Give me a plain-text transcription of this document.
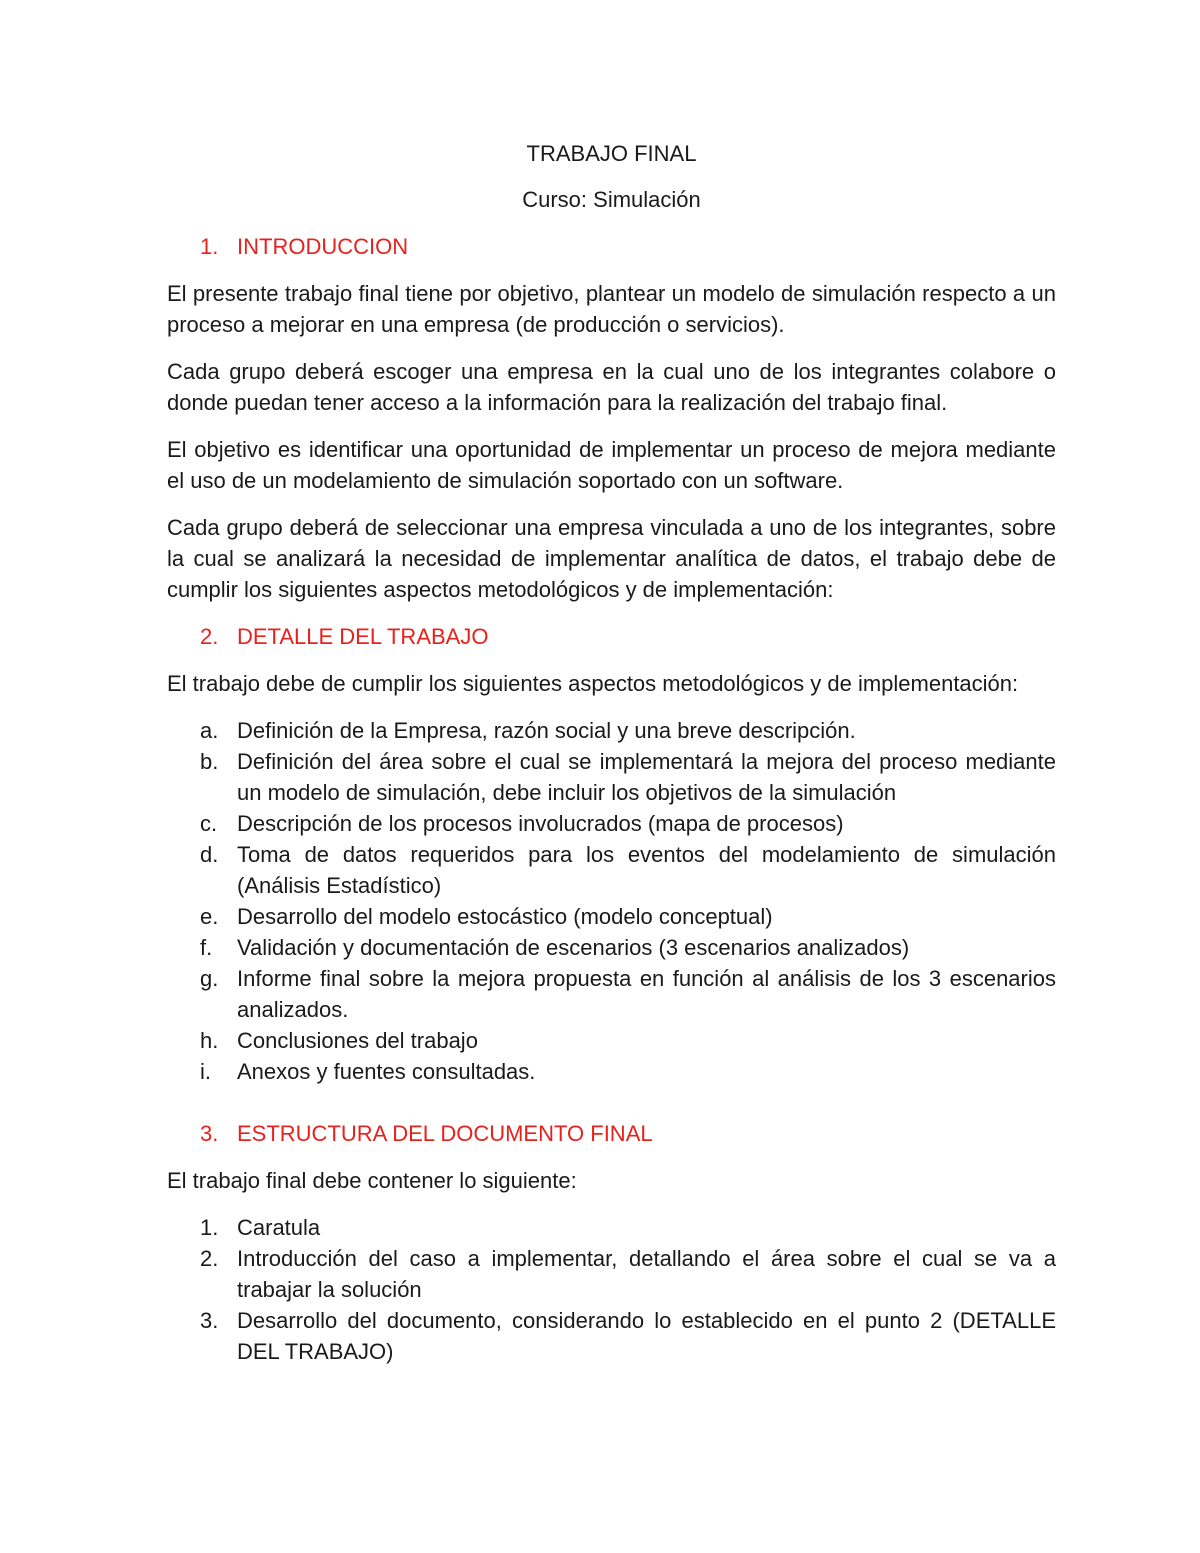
TRABAJO FINAL

Curso: Simulación

1. INTRODUCCION

El presente trabajo final tiene por objetivo, plantear un modelo de simulación respecto a un proceso a mejorar en una empresa (de producción o servicios).

Cada grupo deberá escoger una empresa en la cual uno de los integrantes colabore o donde puedan tener acceso a la información para la realización del trabajo final.

El objetivo es identificar una oportunidad de implementar un proceso de mejora mediante el uso de un modelamiento de simulación soportado con un software.

Cada grupo deberá de seleccionar una empresa vinculada a uno de los integrantes, sobre la cual se analizará la necesidad de implementar analítica de datos, el trabajo debe de cumplir los siguientes aspectos metodológicos y de implementación:

2. DETALLE DEL TRABAJO

El trabajo debe de cumplir los siguientes aspectos metodológicos y de implementación:

a. Definición de la Empresa, razón social y una breve descripción.
b. Definición del área sobre el cual se implementará la mejora del proceso mediante un modelo de simulación, debe incluir los objetivos de la simulación
c. Descripción de los procesos involucrados (mapa de procesos)
d. Toma de datos requeridos para los eventos del modelamiento de simulación (Análisis Estadístico)
e. Desarrollo del modelo estocástico (modelo conceptual)
f.	Validación y documentación de escenarios (3 escenarios analizados)
g. Informe final sobre la mejora propuesta en función al análisis de los 3 escenarios analizados.
h. Conclusiones del trabajo
i.	Anexos y fuentes consultadas.
3. ESTRUCTURA DEL DOCUMENTO FINAL

El trabajo final debe contener lo siguiente:

1. Caratula
2. Introducción del caso a implementar, detallando el área sobre el cual se va a trabajar la solución
3. Desarrollo del documento, considerando lo establecido en el punto 2 (DETALLE DEL TRABAJO)
